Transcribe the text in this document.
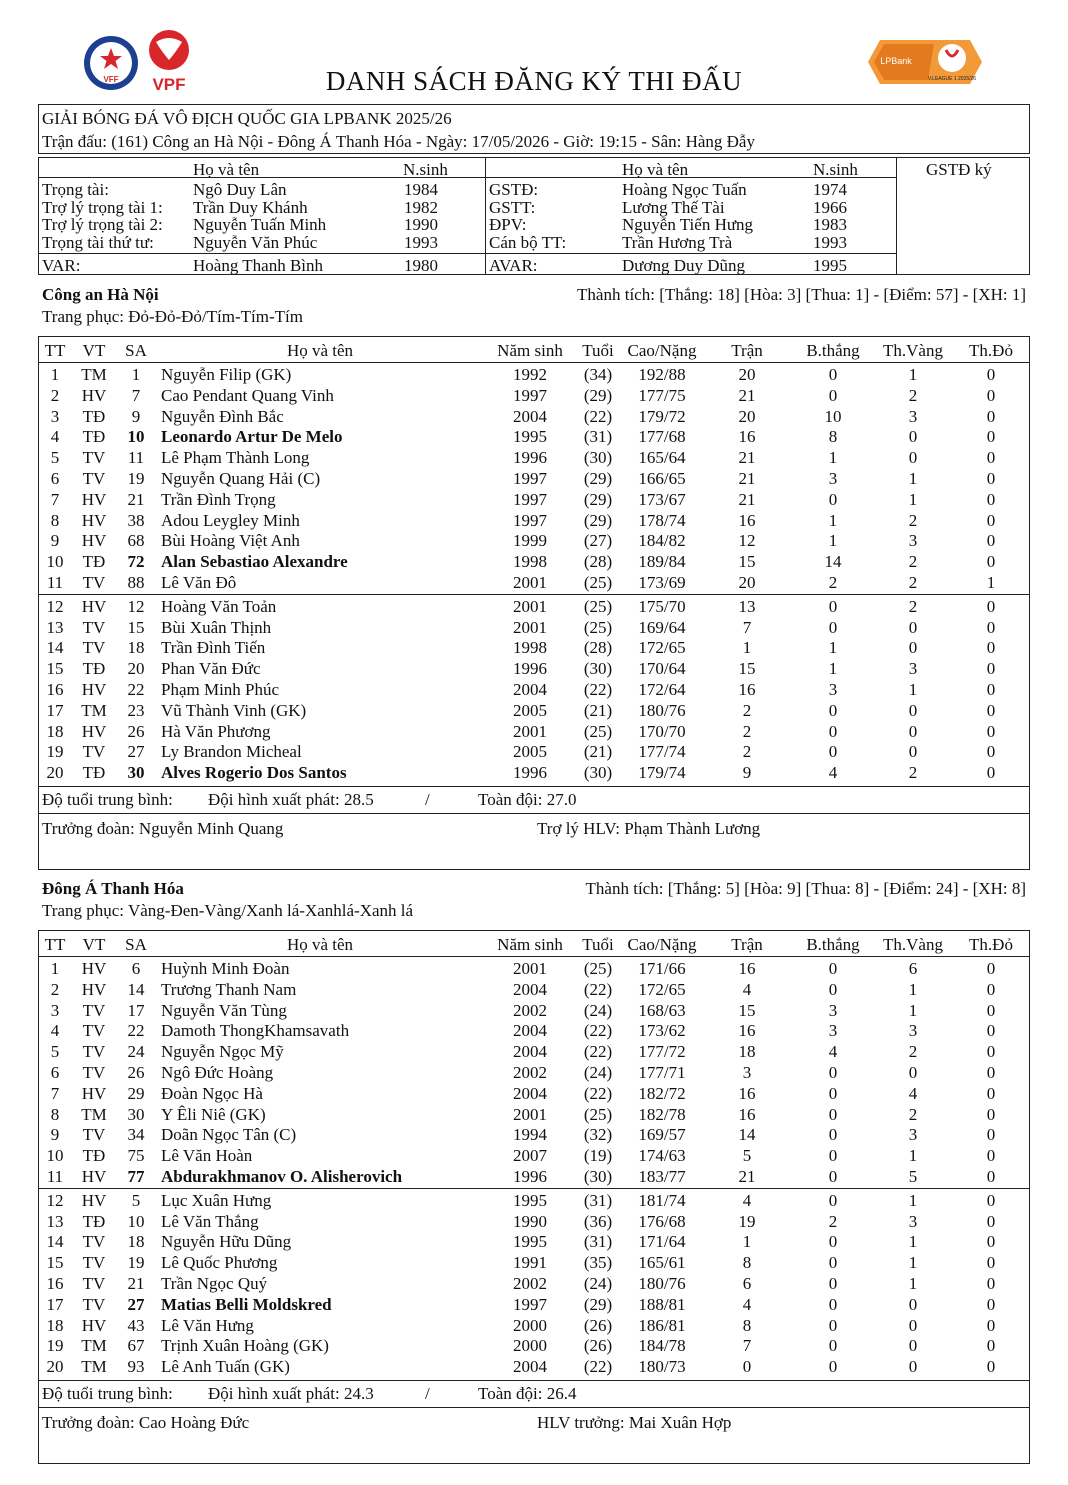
VFF VPF
LPBank
V.LEAGUE 1 2025/26
DANH SÁCH ĐĂNG KÝ THI ĐẤU
GIẢI BÓNG ĐÁ VÔ ĐỊCH QUỐC GIA LPBANK 2025/26
Trận đấu: (161) Công an Hà Nội - Đông Á Thanh Hóa - Ngày: 17/05/2026 - Giờ: 19:15 - Sân: Hàng Đẫy
Họ và tên	N.sinh	Họ và tên	N.sinh	GSTĐ ký
Trọng tài:	Ngô Duy Lân	1984
Trợ lý trọng tài 1: Trần Duy Khánh	1982
Trợ lý trọng tài 2: Nguyễn Tuấn Minh	1990
Trọng tài thứ tư: Nguyễn Văn Phúc	1993
GSTĐ:	Hoàng Ngọc Tuấn	1974
GSTT:	Lương Thế Tài	1966
ĐPV:	Nguyễn Tiến Hưng	1983
Cán bộ TT:	Trần Hương Trà	1993
VAR:	Hoàng Thanh Bình	1980	AVAR:	Dương Duy Dũng	1995
Công an Hà Nội	Thành tích: [Thắng: 18] [Hòa: 3] [Thua: 1] - [Điểm: 57] - [XH: 1]
Trang phục: Đỏ-Đỏ-Đỏ/Tím-Tím-Tím
TT VT SA	Họ và tên	Năm sinh Tuổi Cao/Nặng Trận	B.thắng Th.Vàng Th.Đỏ
1 TM 1 Nguyễn Filip (GK)	1992 (34) 192/88	20	0	1	0
2 HV 7 Cao Pendant Quang Vinh	1997 (29) 177/75	21	0	2	0
3 TĐ 9 Nguyễn Đình Bắc	2004 (22) 179/72	20	10	3	0
4 TĐ 10 Leonardo Artur De Melo	1995 (31) 177/68	16	8	0	0
5 TV 11 Lê Phạm Thành Long	1996 (30) 165/64	21	1	0	0
6 TV 19 Nguyễn Quang Hải (C)	1997 (29) 166/65	21	3	1	0
7 HV 21 Trần Đình Trọng	1997 (29) 173/67	21	0	1	0
8 HV 38 Adou Leygley Minh	1997 (29) 178/74	16	1	2	0
9 HV 68 Bùi Hoàng Việt Anh	1999 (27) 184/82	12	1	3	0
10 TĐ 72 Alan Sebastiao Alexandre	1998 (28) 189/84	15	14	2	0
11 TV 88 Lê Văn Đô	2001 (25) 173/69	20	2	2	1
12 HV 12 Hoàng Văn Toản	2001 (25) 175/70	13	0	2	0
13 TV 15 Bùi Xuân Thịnh	2001 (25) 169/64	7	0	0	0
14 TV 18 Trần Đình Tiến	1998 (28) 172/65	1	1	0	0
15 TĐ 20 Phan Văn Đức	1996 (30) 170/64	15	1	3	0
16 HV 22 Phạm Minh Phúc	2004 (22) 172/64	16	3	1	0
17 TM 23 Vũ Thành Vinh (GK)	2005 (21) 180/76	2	0	0	0
18 HV 26 Hà Văn Phương	2001 (25) 170/70	2	0	0	0
19 TV 27 Ly Brandon Micheal	2005 (21) 177/74	2	0	0	0
20 TĐ 30 Alves Rogerio Dos Santos	1996 (30) 179/74	9	4	2	0
Độ tuổi trung bình: Đội hình xuất phát: 28.5	/	Toàn đội: 27.0
Trưởng đoàn: Nguyễn Minh Quang	Trợ lý HLV: Phạm Thành Lương
Đông Á Thanh Hóa	Thành tích: [Thắng: 5] [Hòa: 9] [Thua: 8] - [Điểm: 24] - [XH: 8]
Trang phục: Vàng-Đen-Vàng/Xanh lá-Xanhlá-Xanh lá
TT VT SA	Họ và tên	Năm sinh Tuổi Cao/Nặng Trận	B.thắng Th.Vàng Th.Đỏ
1 HV 6 Huỳnh Minh Đoàn	2001 (25) 171/66	16	0	6	0
2 HV 14 Trương Thanh Nam	2004 (22) 172/65	4	0	1	0
3 TV 17 Nguyễn Văn Tùng	2002 (24) 168/63	15	3	1	0
4 TV 22 Damoth ThongKhamsavath	2004 (22) 173/62	16	3	3	0
5 TV 24 Nguyễn Ngọc Mỹ	2004 (22) 177/72	18	4	2	0
6 TV 26 Ngô Đức Hoàng	2002 (24) 177/71	3	0	0	0
7 HV 29 Đoàn Ngọc Hà	2004 (22) 182/72	16	0	4	0
8 TM 30 Y Êli Niê (GK)	2001 (25) 182/78	16	0	2	0
9 TV 34 Doãn Ngọc Tân (C)	1994 (32) 169/57	14	0	3	0
10 TĐ 75 Lê Văn Hoàn	2007 (19) 174/63	5	0	1	0
11 HV 77 Abdurakhmanov O. Alisherovich	1996 (30) 183/77	21	0	5	0
12 HV 5 Lục Xuân Hưng	1995 (31) 181/74	4	0	1	0
13 TĐ 10 Lê Văn Thắng	1990 (36) 176/68	19	2	3	0
14 TV 18 Nguyễn Hữu Dũng	1995 (31) 171/64	1	0	1	0
15 TV 19 Lê Quốc Phương	1991 (35) 165/61	8	0	1	0
16 TV 21 Trần Ngọc Quý	2002 (24) 180/76	6	0	1	0
17 TV 27 Matias Belli Moldskred	1997 (29) 188/81	4	0	0	0
18 HV 43 Lê Văn Hưng	2000 (26) 186/81	8	0	0	0
19 TM 67 Trịnh Xuân Hoàng (GK)	2000 (26) 184/78	7	0	0	0
20 TM 93 Lê Anh Tuấn (GK)	2004 (22) 180/73	0	0	0	0
Độ tuổi trung bình: Đội hình xuất phát: 24.3	/	Toàn đội: 26.4
Trưởng đoàn: Cao Hoàng Đức	HLV trưởng: Mai Xuân Hợp
